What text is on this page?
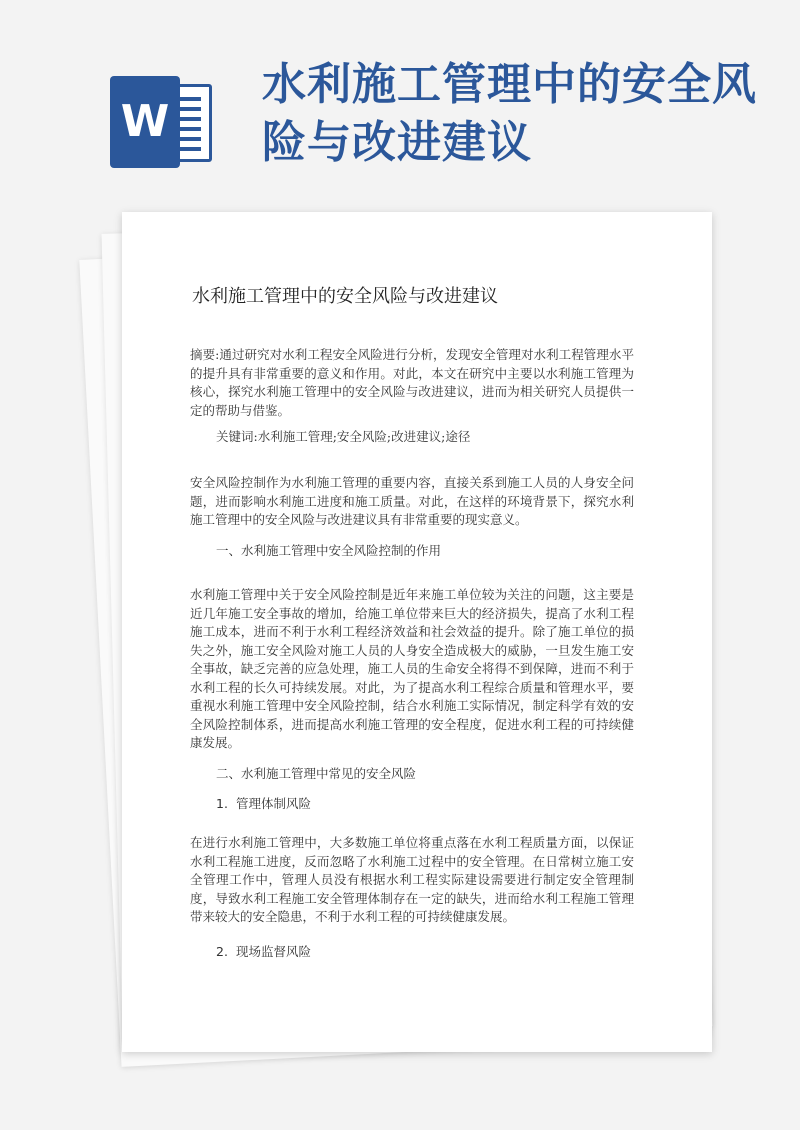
W
水利施工管理中的安全风险与改进建议
水利施工管理中的安全风险与改进建议

摘要:通过研究对水利工程安全风险进行分析，发现安全管理对水利工程管理水平的提升具有非常重要的意义和作用。对此，本文在研究中主要以水利施工管理为核心，探究水利施工管理中的安全风险与改进建议，进而为相关研究人员提供一定的帮助与借鉴。

关键词:水利施工管理;安全风险;改进建议;途径

安全风险控制作为水利施工管理的重要内容，直接关系到施工人员的人身安全问题，进而影响水利施工进度和施工质量。对此，在这样的环境背景下，探究水利施工管理中的安全风险与改进建议具有非常重要的现实意义。

一、水利施工管理中安全风险控制的作用

水利施工管理中关于安全风险控制是近年来施工单位较为关注的问题，这主要是近几年施工安全事故的增加，给施工单位带来巨大的经济损失，提高了水利工程施工成本，进而不利于水利工程经济效益和社会效益的提升。除了施工单位的损失之外，施工安全风险对施工人员的人身安全造成极大的威胁，一旦发生施工安全事故，缺乏完善的应急处理，施工人员的生命安全将得不到保障，进而不利于水利工程的长久可持续发展。对此，为了提高水利工程综合质量和管理水平，要重视水利施工管理中安全风险控制，结合水利施工实际情况，制定科学有效的安全风险控制体系，进而提高水利施工管理的安全程度，促进水利工程的可持续健康发展。

二、水利施工管理中常见的安全风险
1. 管理体制风险

在进行水利施工管理中，大多数施工单位将重点落在水利工程质量方面，以保证水利工程施工进度，反而忽略了水利施工过程中的安全管理。在日常树立施工安全管理工作中，管理人员没有根据水利工程实际建设需要进行制定安全管理制度，导致水利工程施工安全管理体制存在一定的缺失，进而给水利工程施工管理带来较大的安全隐患，不利于水利工程的可持续健康发展。

2. 现场监督风险
